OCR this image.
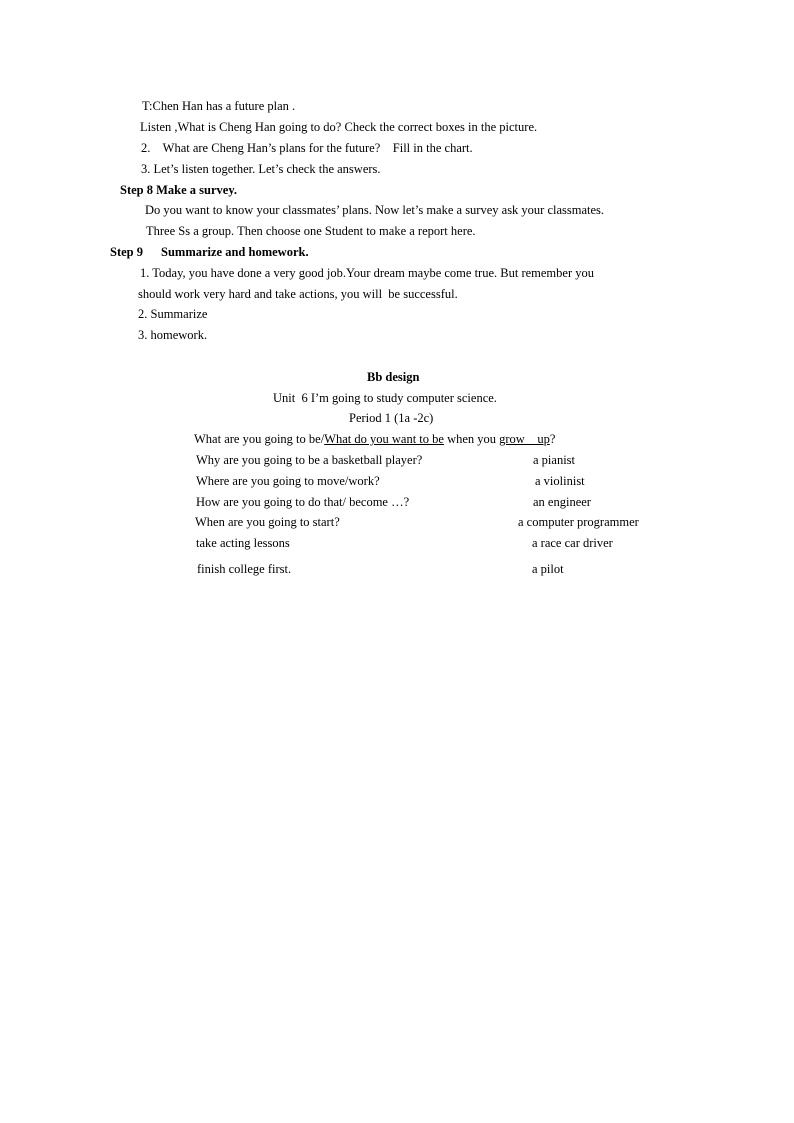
T:Chen Han has a future plan .
Listen ,What is Cheng Han going to do? Check the correct boxes in the picture.
2.    What are Cheng Han’s plans for the future?    Fill in the chart.
3. Let’s listen together. Let’s check the answers.
Step 8 Make a survey.
Do you want to know your classmates’ plans. Now let’s make a survey ask your classmates.
Three Ss a group. Then choose one Student to make a report here.
Step 9 Summarize and homework.
1. Today, you have done a very good job.Your dream maybe come true. But remember you
should work very hard and take actions, you will  be successful.
2. Summarize
3. homework.
Bb design
Unit  6 I’m going to study computer science.
Period 1 (1a -2c)
What are you going to be/What do you want to be when you grow    up?
Why are you going to be a basketball player?
Where are you going to move/work?
How are you going to do that/ become …?
When are you going to start?
take acting lessons
finish college first.
a pianist
a violinist
an engineer
a computer programmer
a race car driver
a pilot
